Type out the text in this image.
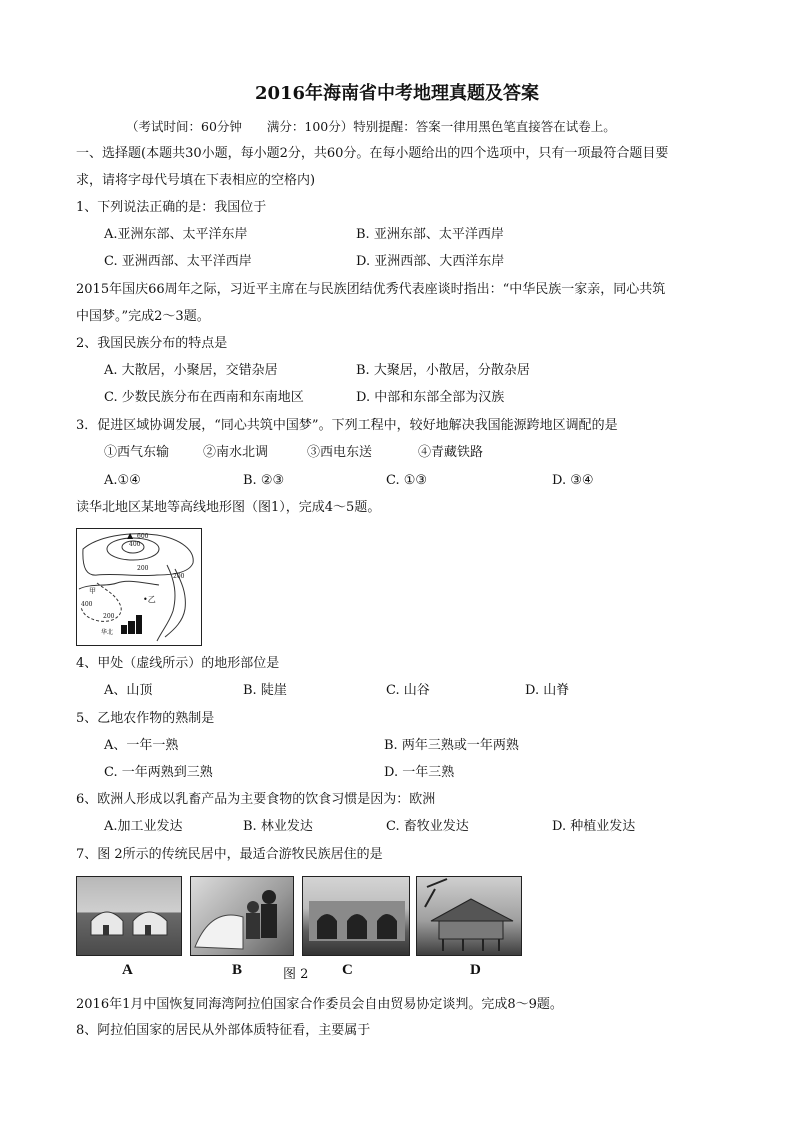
2016年海南省中考地理真题及答案
（考试时间：60分钟　　满分：100分）特别提醒：答案一律用黑色笔直接答在试卷上。
一、选择题(本题共30小题，每小题2分，共60分。在每小题给出的四个选项中，只有一项最符合题目要
求，请将字母代号填在下表相应的空格内)
1、下列说法正确的是：我国位于
A.亚洲东部、太平洋东岸	B. 亚洲东部、太平洋西岸
C. 亚洲西部、太平洋西岸	D. 亚洲西部、大西洋东岸
2015年国庆66周年之际，习近平主席在与民族团结优秀代表座谈时指出：“中华民族一家亲，同心共筑
中国梦。”完成2～3题。
2、我国民族分布的特点是
A. 大散居，小聚居，交错杂居	B. 大聚居，小散居，分散杂居
C. 少数民族分布在西南和东南地区	D. 中部和东部全部为汉族
3．促进区域协调发展，“同心共筑中国梦”。下列工程中，较好地解决我国能源跨地区调配的是
①西气东输	②南水北调	③西电东送	④青藏铁路
A.①④	B. ②③	C. ①③	D. ③④
读华北地区某地等高线地形图（图1），完成4～5题。
▲ 600
400
200
200
400
200
甲
•乙
华北
4、甲处（虚线所示）的地形部位是
A、山顶	B. 陡崖	C. 山谷	D. 山脊
5、乙地农作物的熟制是
A、一年一熟	B. 两年三熟或一年两熟
C. 一年两熟到三熟	D. 一年三熟
6、欧洲人形成以乳畜产品为主要食物的饮食习惯是因为：欧洲
A.加工业发达	B. 林业发达	C. 畜牧业发达	D. 种植业发达
7、图 2所示的传统民居中，最适合游牧民族居住的是
A	B	C	D
图 2
2016年1月中国恢复同海湾阿拉伯国家合作委员会自由贸易协定谈判。完成8～9题。
8、阿拉伯国家的居民从外部体质特征看，主要属于
